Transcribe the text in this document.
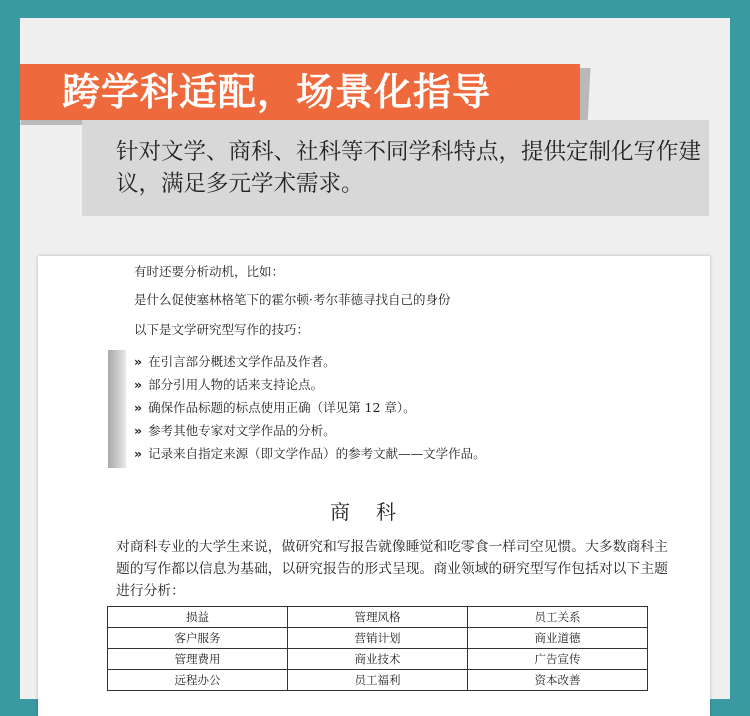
跨学科适配，场景化指导
针对文学、商科、社科等不同学科特点，提供定制化写作建议，满足多元学术需求。
有时还要分析动机，比如：
是什么促使塞林格笔下的霍尔顿·考尔菲德寻找自己的身份
以下是文学研究型写作的技巧：
» 在引言部分概述文学作品及作者。
» 部分引用人物的话来支持论点。
» 确保作品标题的标点使用正确（详见第 12 章）。
» 参考其他专家对文学作品的分析。
» 记录来自指定来源（即文学作品）的参考文献——文学作品。
商科
对商科专业的大学生来说，做研究和写报告就像睡觉和吃零食一样司空见惯。大多数商科主题的写作都以信息为基础，以研究报告的形式呈现。商业领域的研究型写作包括对以下主题进行分析：
损益	管理风格	员工关系
客户服务	营销计划	商业道德
管理费用	商业技术	广告宣传
远程办公	员工福利	资本改善
